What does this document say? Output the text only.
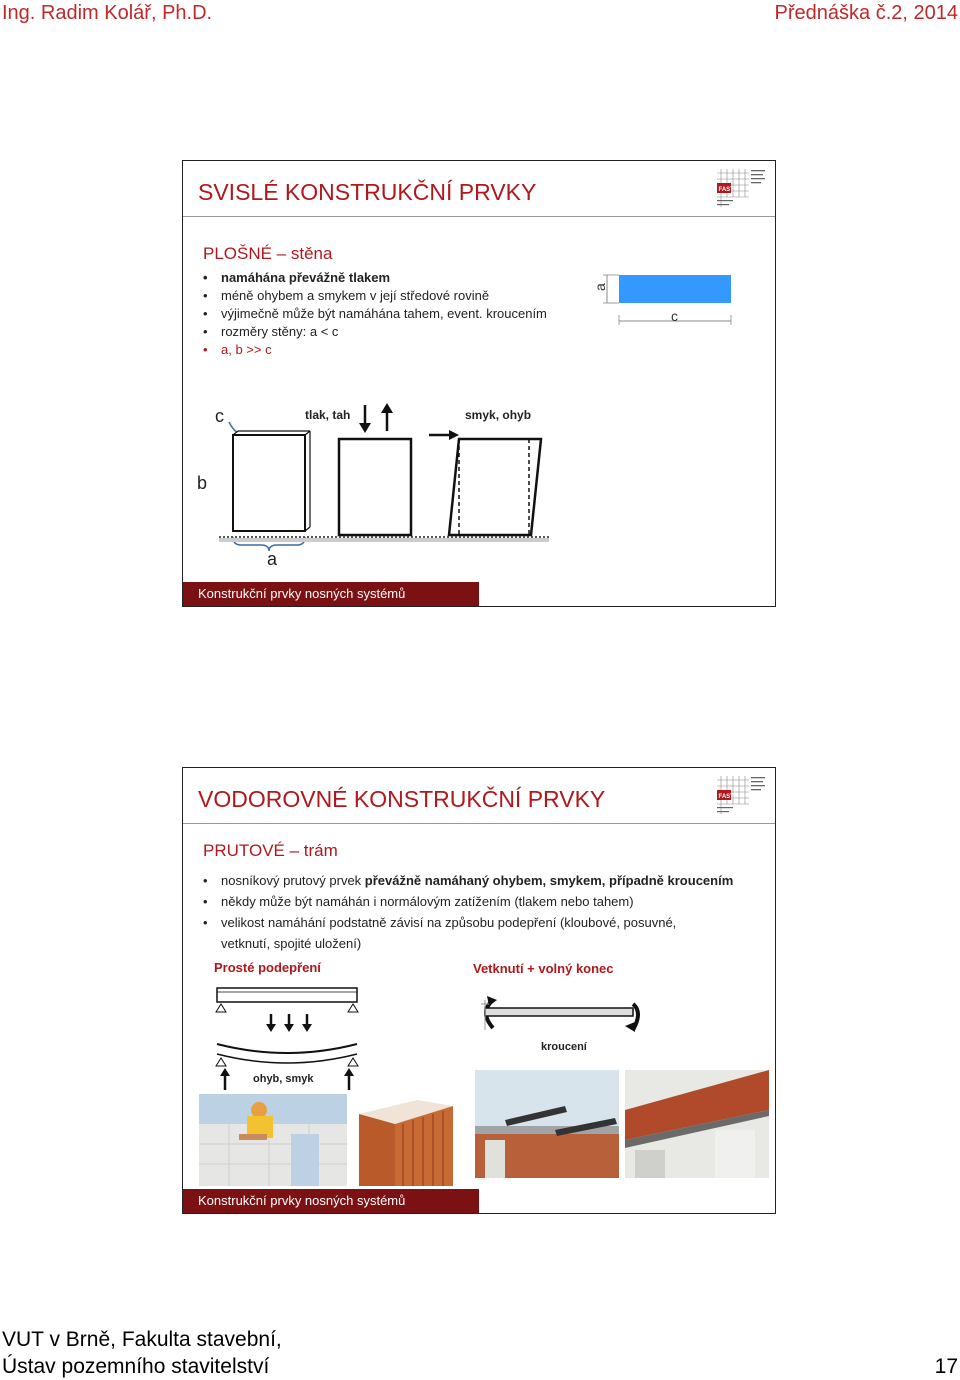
Ing. Radim Kolář, Ph.D.	Přednáška č.2, 2014
SVISLÉ KONSTRUKČNÍ PRVKY	FAST
PLOŠNÉ – stěna
• namáhána převážně tlakem
• méně ohybem a smykem v její středové rovině
• výjimečně může být namáhána tahem, event. kroucením
• rozměry stěny: a < c
• a, b >> c
a
c
c
b
a
tlak, tah	smyk, ohyb
Konstrukční prvky nosných systémů
VODOROVNÉ KONSTRUKČNÍ PRVKY	FAST
PRUTOVÉ – trám
• nosníkový prutový prvek převážně namáhaný ohybem, smykem, případně kroucením
• někdy může být namáhán i normálovým zatížením (tlakem nebo tahem)
• velikost namáhání podstatně závisí na způsobu podepření (kloubové, posuvné,
vetknutí, spojité uložení)
Prosté podepření	Vetknutí + volný konec
ohyb, smyk
kroucení
Konstrukční prvky nosných systémů
VUT v Brně, Fakulta stavební,
Ústav pozemního stavitelství	17
